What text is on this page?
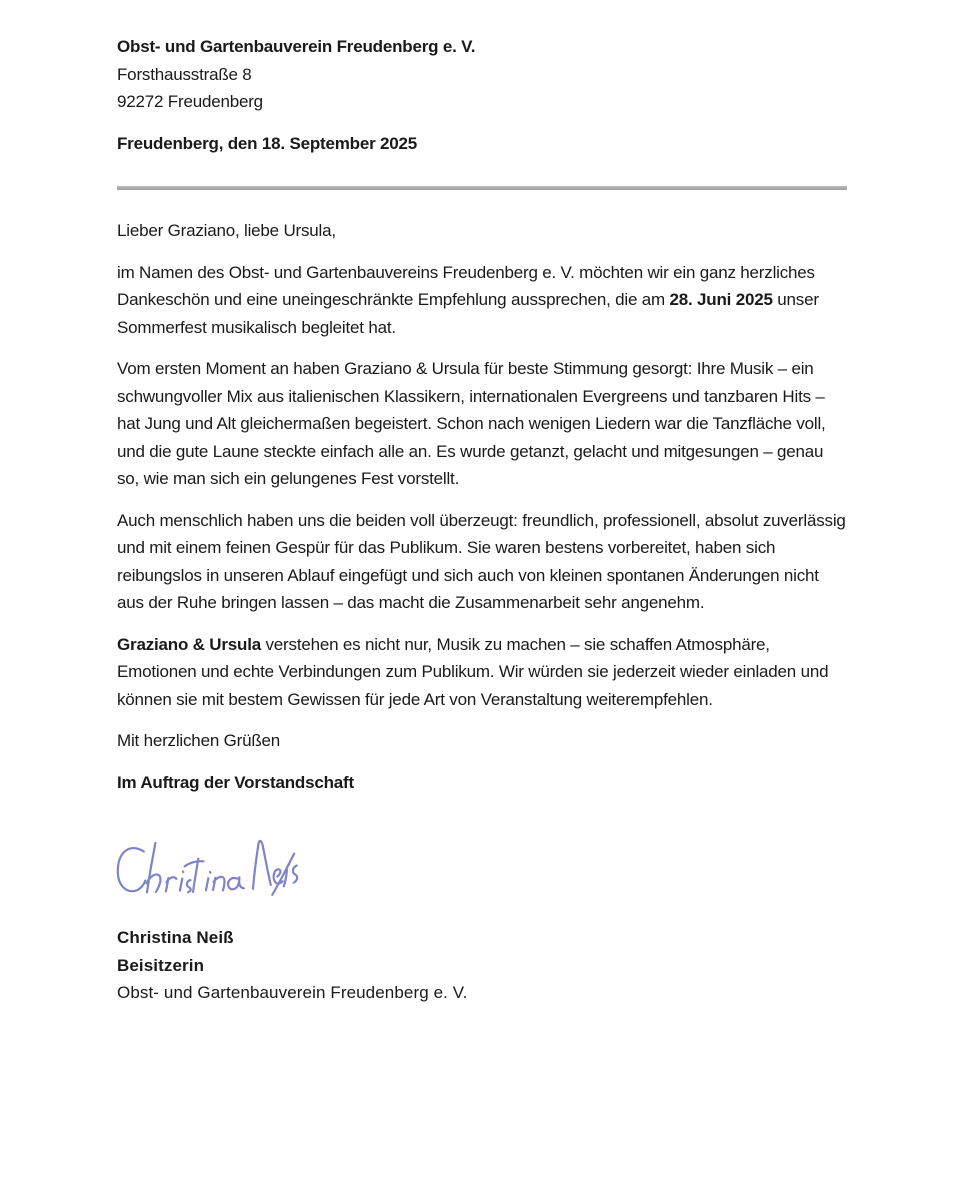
Obst- und Gartenbauverein Freudenberg e. V.

Forsthausstraße 8

92272 Freudenberg

Freudenberg, den 18. September 2025

Lieber Graziano, liebe Ursula,

im Namen des Obst- und Gartenbauvereins Freudenberg e. V. möchten wir ein ganz herzliches Dankeschön und eine uneingeschränkte Empfehlung aussprechen, die am 28. Juni 2025 unser Sommerfest musikalisch begleitet hat.

Vom ersten Moment an haben Graziano & Ursula für beste Stimmung gesorgt: Ihre Musik – ein schwungvoller Mix aus italienischen Klassikern, internationalen Evergreens und tanzbaren Hits – hat Jung und Alt gleichermaßen begeistert. Schon nach wenigen Liedern war die Tanzfläche voll, und die gute Laune steckte einfach alle an. Es wurde getanzt, gelacht und mitgesungen – genau so, wie man sich ein gelungenes Fest vorstellt.

Auch menschlich haben uns die beiden voll überzeugt: freundlich, professionell, absolut zuverlässig und mit einem feinen Gespür für das Publikum. Sie waren bestens vorbereitet, haben sich reibungslos in unseren Ablauf eingefügt und sich auch von kleinen spontanen Änderungen nicht aus der Ruhe bringen lassen – das macht die Zusammenarbeit sehr angenehm.

Graziano & Ursula verstehen es nicht nur, Musik zu machen – sie schaffen Atmosphäre, Emotionen und echte Verbindungen zum Publikum. Wir würden sie jederzeit wieder einladen und können sie mit bestem Gewissen für jede Art von Veranstaltung weiterempfehlen.

Mit herzlichen Grüßen

Im Auftrag der Vorstandschaft

Christina Neiß

Beisitzerin

Obst- und Gartenbauverein Freudenberg e. V.
